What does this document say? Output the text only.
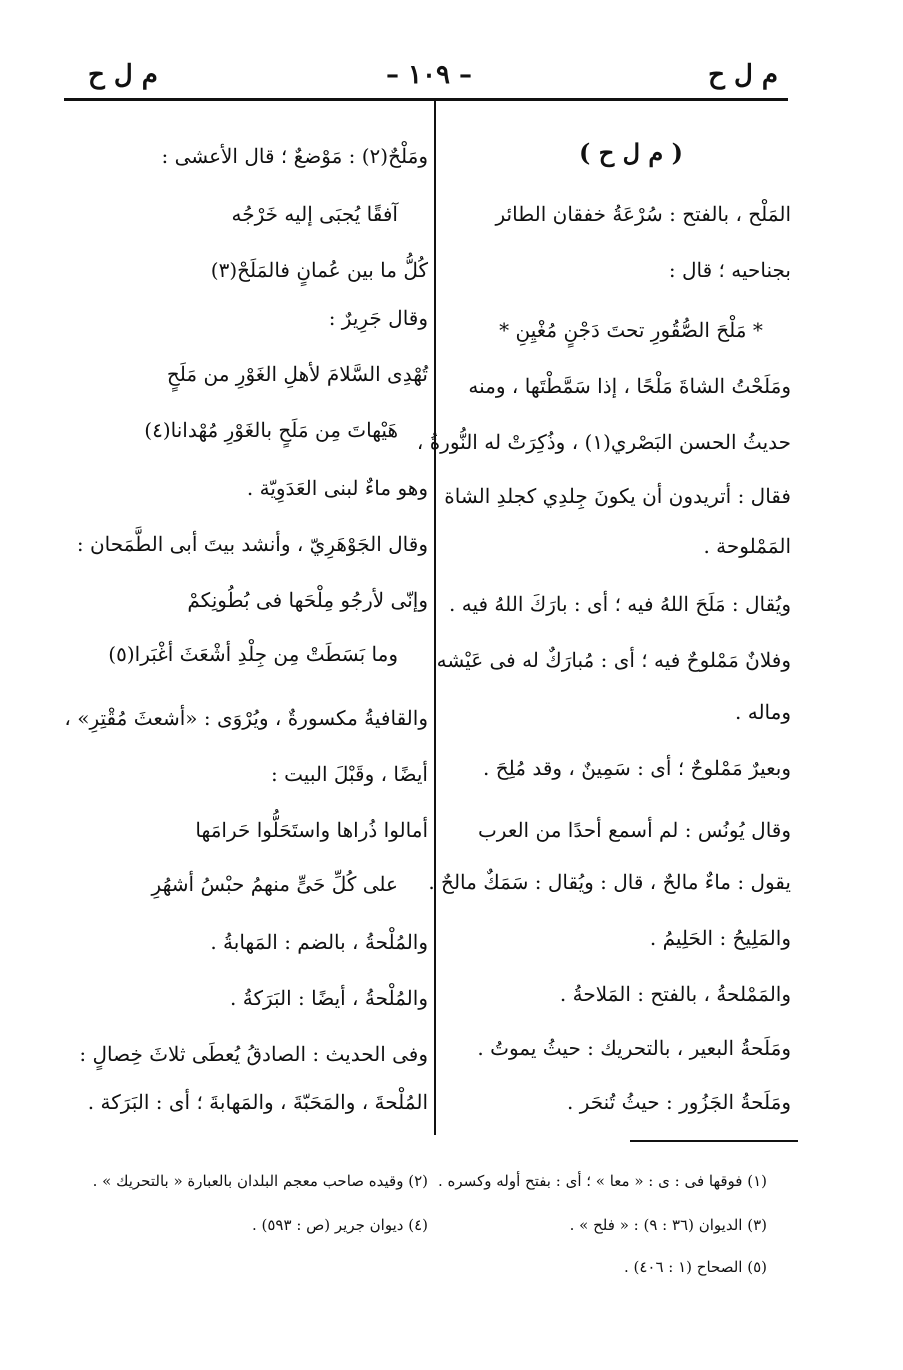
م ل ح
– ١٠٩ –
م ل ح
( م ل ح )
المَلْح ، بالفتح : سُرْعَةُ خفقان الطائر
بجناحيه ؛ قال :
* مَلْحَ الصُّقُورِ تحتَ دَجْنٍ مُغْيِنِ *
ومَلَحْتُ الشاةَ مَلْحًا ، إذا سَمَّطْتَها ، ومنه
حديثُ الحسن البَصْري(١) ، وذُكِرَتْ له النُّورةُ ،
فقال : أتريدون أن يكونَ جِلدِي كجلدِ الشاة
المَمْلوحة .
ويُقال : مَلَحَ اللهُ فيه ؛ أى : بارَكَ اللهُ فيه .
وفلانٌ مَمْلوحٌ فيه ؛ أى : مُبارَكٌ له فى عَيْشه
وماله .
وبعيرٌ مَمْلوحٌ ؛ أى : سَمِينٌ ، وقد مُلِحَ .
وقال يُونُس : لم أسمع أحدًا من العرب
يقول : ماءٌ مالحٌ ، قال : ويُقال : سَمَكٌ مالحٌ .
والمَلِيحُ : الحَلِيمُ .
والمَمْلحةُ ، بالفتح : المَلاحةُ .
ومَلَحةُ البعير ، بالتحريك : حيثُ يموتُ .
ومَلَحةُ الجَزُور : حيثُ تُنحَر .
ومَلْحٌ(٢) : مَوْضعٌ ؛ قال الأعشى :
آفقًا يُجبَى إليه خَرْجُه
كُلُّ ما بين عُمانٍ فالمَلَحْ(٣)
وقال جَرِيرٌ :
تُهْدِى السَّلامَ لأهلِ الغَوْرِ من مَلَحٍ
هَيْهاتَ مِن مَلَحٍ بالغَوْرِ مُهْدانا(٤)
وهو ماءٌ لبنى العَدَوِيّة .
وقال الجَوْهَرِيّ ، وأنشد بيتَ أبى الطَّمَحان :
وإنّى لأرجُو مِلْحَها فى بُطُونِكمْ
وما بَسَطَتْ مِن جِلْدِ أشْعَثَ أغْبَرا(٥)
والقافيةُ مكسورةٌ ، ويُرْوَى : «أشعثَ مُقْتِرِ» ،
أيضًا ، وقَبْلَ البيت :
أمالوا ذُراها واستَحَلُّوا حَرامَها
على كُلِّ حَىٍّ منهمُ حبْسُ أشهُرِ
والمُلْحةُ ، بالضم : المَهابةُ .
والمُلْحةُ ، أيضًا : البَرَكةُ .
وفى الحديث : الصادقُ يُعطَى ثلاثَ خِصالٍ :
المُلْحةَ ، والمَحَبّةَ ، والمَهابةَ ؛ أى : البَرَكة .
(١) فوقها فى : ى : « معا » ؛ أى : بفتح أوله وكسره .
(٢) وقيده صاحب معجم البلدان بالعبارة « بالتحريك » .
(٣) الديوان (٣٦ : ٩) : « فلح » .
(٤) ديوان جرير (ص : ٥٩٣) .
(٥) الصحاح (١ : ٤٠٦) .
